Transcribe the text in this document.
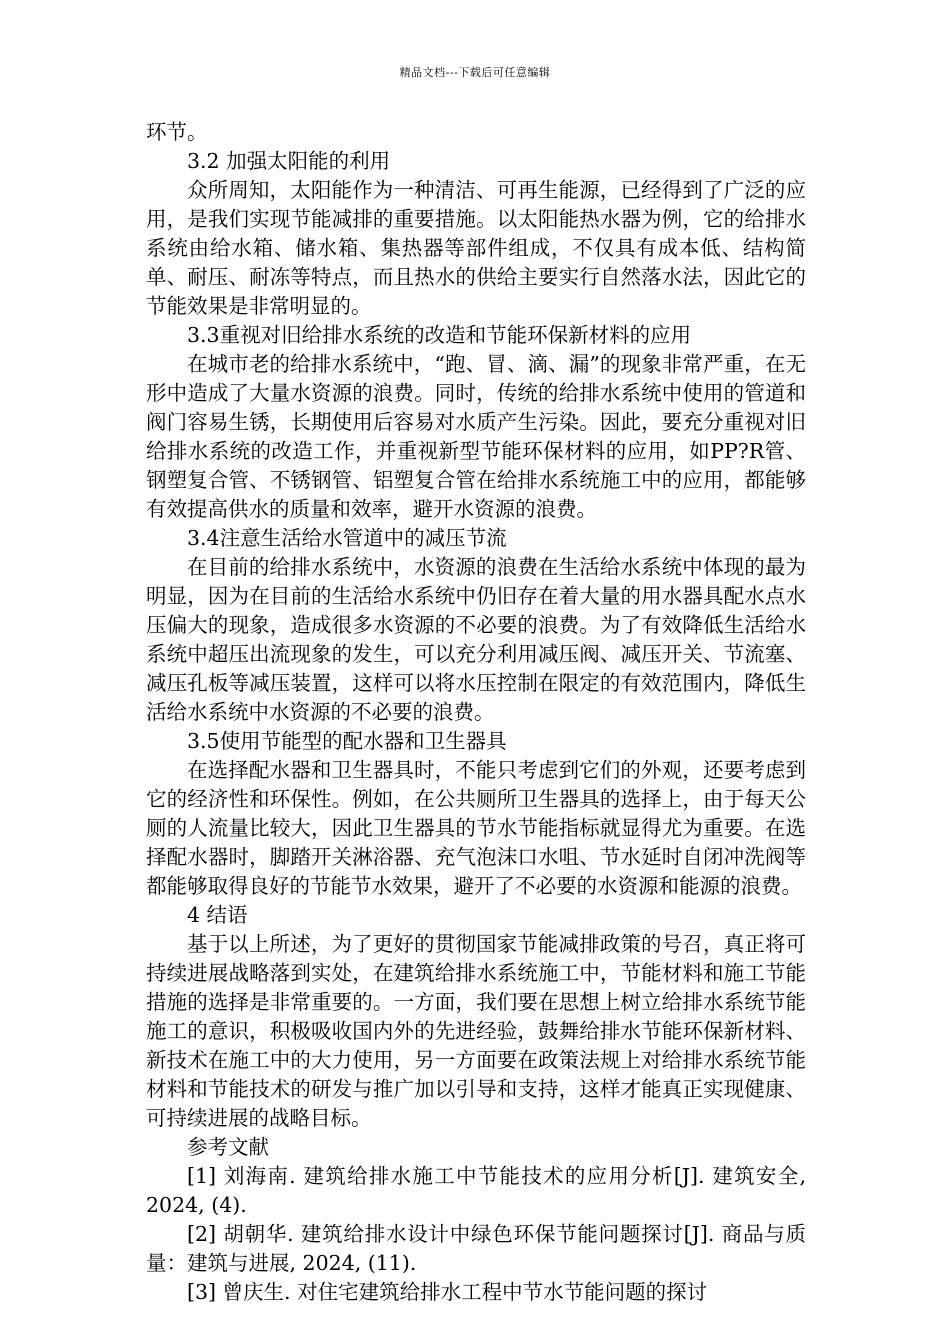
精品文档---下载后可任意编辑

环节。

3.2 加强太阳能的利用

众所周知，太阳能作为一种清洁、可再生能源，已经得到了广泛的应用，是我们实现节能减排的重要措施。以太阳能热水器为例，它的给排水系统由给水箱、储水箱、集热器等部件组成，不仅具有成本低、结构简单、耐压、耐冻等特点，而且热水的供给主要实行自然落水法，因此它的节能效果是非常明显的。

3.3重视对旧给排水系统的改造和节能环保新材料的应用

在城市老的给排水系统中，“跑、冒、滴、漏”的现象非常严重，在无形中造成了大量水资源的浪费。同时，传统的给排水系统中使用的管道和阀门容易生锈，长期使用后容易对水质产生污染。因此，要充分重视对旧给排水系统的改造工作，并重视新型节能环保材料的应用，如PP?R管、钢塑复合管、不锈钢管、铝塑复合管在给排水系统施工中的应用，都能够有效提高供水的质量和效率，避开水资源的浪费。

3.4注意生活给水管道中的减压节流

在目前的给排水系统中，水资源的浪费在生活给水系统中体现的最为明显，因为在目前的生活给水系统中仍旧存在着大量的用水器具配水点水压偏大的现象，造成很多水资源的不必要的浪费。为了有效降低生活给水系统中超压出流现象的发生，可以充分利用减压阀、减压开关、节流塞、减压孔板等减压装置，这样可以将水压控制在限定的有效范围内，降低生活给水系统中水资源的不必要的浪费。

3.5使用节能型的配水器和卫生器具

在选择配水器和卫生器具时，不能只考虑到它们的外观，还要考虑到它的经济性和环保性。例如，在公共厕所卫生器具的选择上，由于每天公厕的人流量比较大，因此卫生器具的节水节能指标就显得尤为重要。在选择配水器时，脚踏开关淋浴器、充气泡沫口水咀、节水延时自闭冲洗阀等都能够取得良好的节能节水效果，避开了不必要的水资源和能源的浪费。

4 结语

基于以上所述，为了更好的贯彻国家节能减排政策的号召，真正将可持续进展战略落到实处，在建筑给排水系统施工中，节能材料和施工节能措施的选择是非常重要的。一方面，我们要在思想上树立给排水系统节能施工的意识，积极吸收国内外的先进经验，鼓舞给排水节能环保新材料、新技术在施工中的大力使用，另一方面要在政策法规上对给排水系统节能材料和节能技术的研发与推广加以引导和支持，这样才能真正实现健康、可持续进展的战略目标。

参考文献

[1] 刘海南. 建筑给排水施工中节能技术的应用分析[J]. 建筑安全, 2024, (4).

[2] 胡朝华. 建筑给排水设计中绿色环保节能问题探讨[J]. 商品与质量：建筑与进展, 2024, (11).

[3] 曾庆生. 对住宅建筑给排水工程中节水节能问题的探讨
